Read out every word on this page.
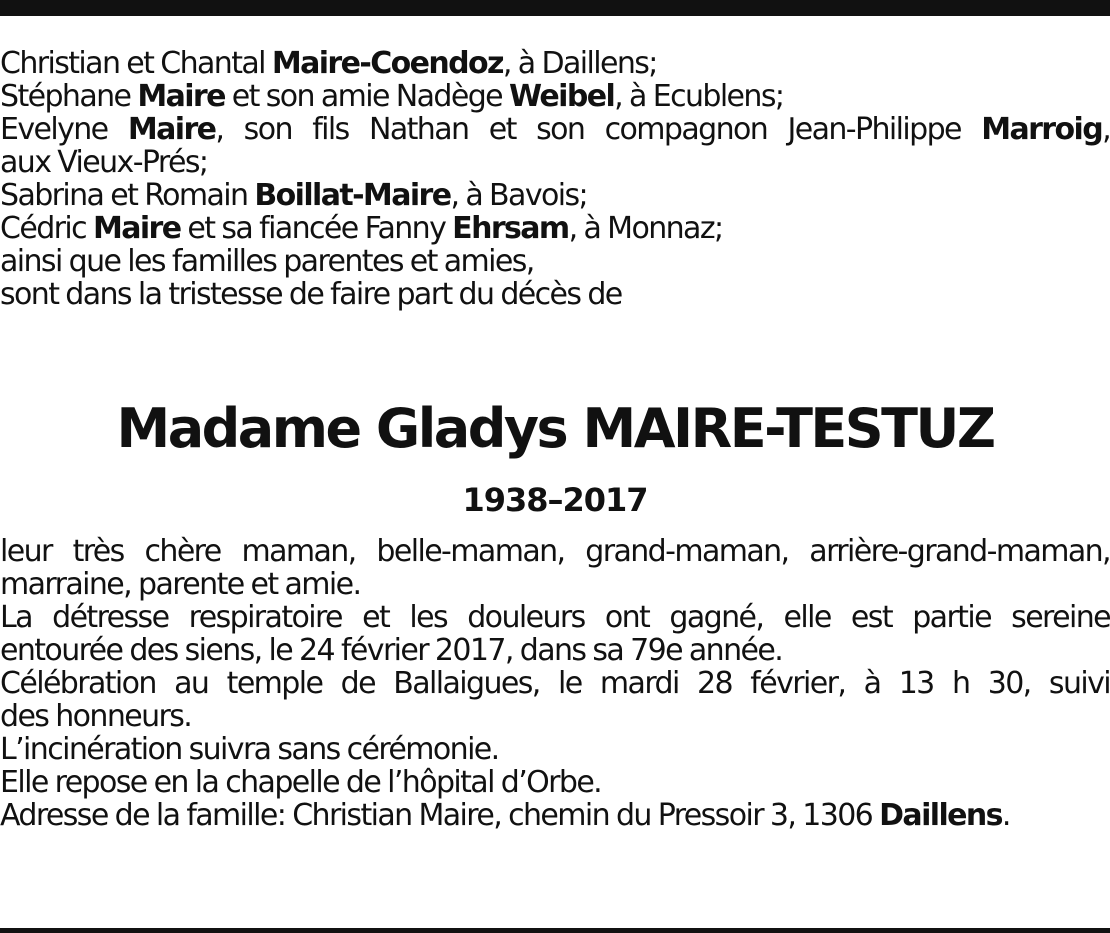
Christian et Chantal Maire-Coendoz, à Daillens;
Stéphane Maire et son amie Nadège Weibel, à Ecublens;
Evelyne Maire, son fils Nathan et son compagnon Jean-Philippe Marroig,
aux Vieux-Prés;
Sabrina et Romain Boillat-Maire, à Bavois;
Cédric Maire et sa fiancée Fanny Ehrsam, à Monnaz;
ainsi que les familles parentes et amies,
sont dans la tristesse de faire part du décès de
Madame Gladys MAIRE-TESTUZ
1938–2017
leur très chère maman, belle-maman, grand-maman, arrière-grand-maman,
marraine, parente et amie.
La détresse respiratoire et les douleurs ont gagné, elle est partie sereine
entourée des siens, le 24 février 2017, dans sa 79e année.
Célébration au temple de Ballaigues, le mardi 28 février, à 13 h 30, suivi
des honneurs.
L’incinération suivra sans cérémonie.
Elle repose en la chapelle de l’hôpital d’Orbe.
Adresse de la famille: Christian Maire, chemin du Pressoir 3, 1306 Daillens.
